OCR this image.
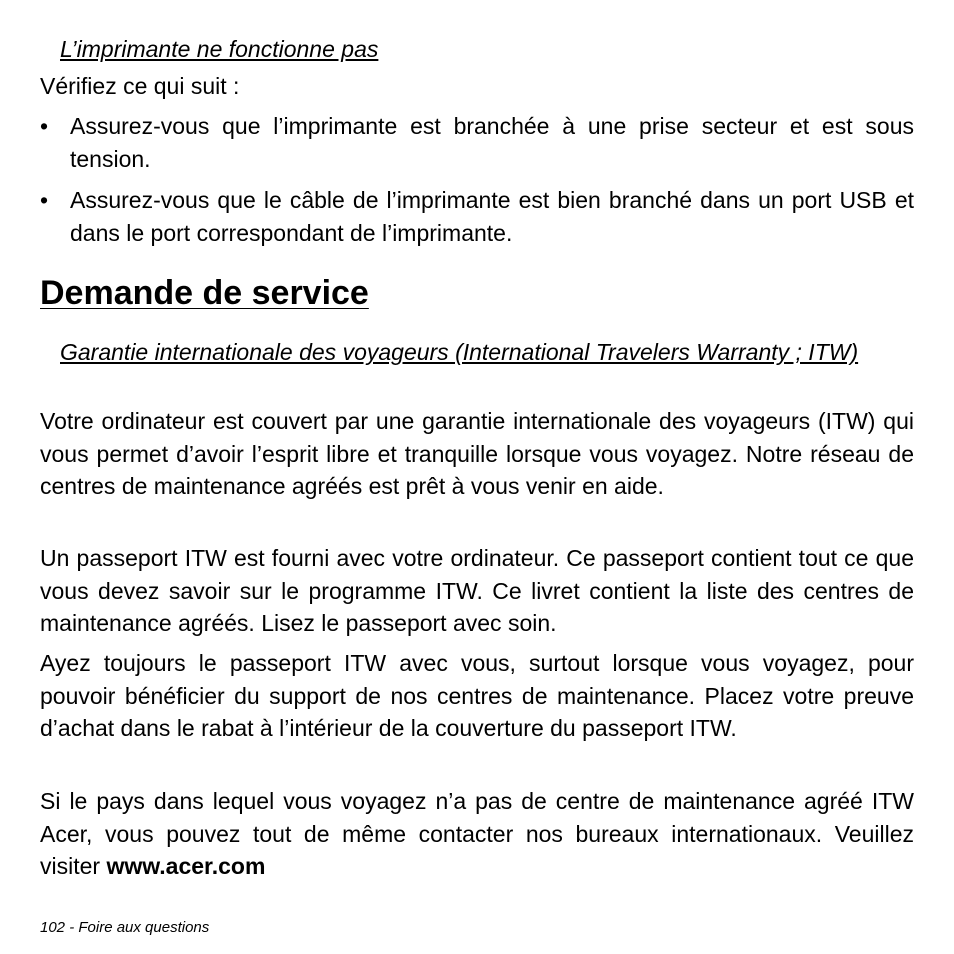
L’imprimante ne fonctionne pas

Vérifiez ce qui suit :

• Assurez-vous que l’imprimante est branchée à une prise secteur et est sous tension.
• Assurez-vous que le câble de l’imprimante est bien branché dans un port USB et dans le port correspondant de l’imprimante.
Demande de service

Garantie internationale des voyageurs (International Travelers Warranty ; ITW)

Votre ordinateur est couvert par une garantie internationale des voyageurs (ITW) qui vous permet d’avoir l’esprit libre et tranquille lorsque vous voyagez. Notre réseau de centres de maintenance agréés est prêt à vous venir en aide.

Un passeport ITW est fourni avec votre ordinateur. Ce passeport contient tout ce que vous devez savoir sur le programme ITW. Ce livret contient la liste des centres de maintenance agréés. Lisez le passeport avec soin.

Ayez toujours le passeport ITW avec vous, surtout lorsque vous voyagez, pour pouvoir bénéficier du support de nos centres de maintenance. Placez votre preuve d’achat dans le rabat à l’intérieur de la couverture du passeport ITW.

Si le pays dans lequel vous voyagez n’a pas de centre de maintenance agréé ITW Acer, vous pouvez tout de même contacter nos bureaux internationaux. Veuillez visiter www.acer.com

102 - Foire aux questions
